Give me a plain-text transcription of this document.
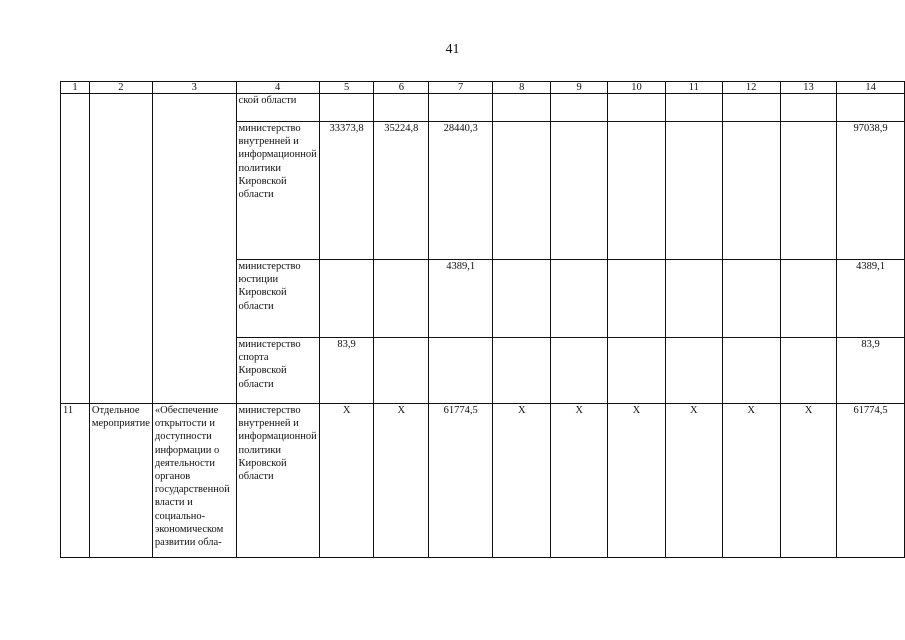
41
1	2	3	4	5	6	7	8	9	10	11	12	13	14
			ской области										
			министерство внутренней и информационной политики Кировской области	33373,8	35224,8	28440,3							97038,9
			министерство юстиции Кировской области			4389,1							4389,1
			министерство спорта Кировской области	83,9									83,9
11	Отдельное мероприятие	«Обеспечение открытости и доступности информации о деятельности органов государственной власти и социально-экономическом развитии обла-	министерство внутренней и информационной политики Кировской области	X	X	61774,5	X	X	X	X	X	X	61774,5
